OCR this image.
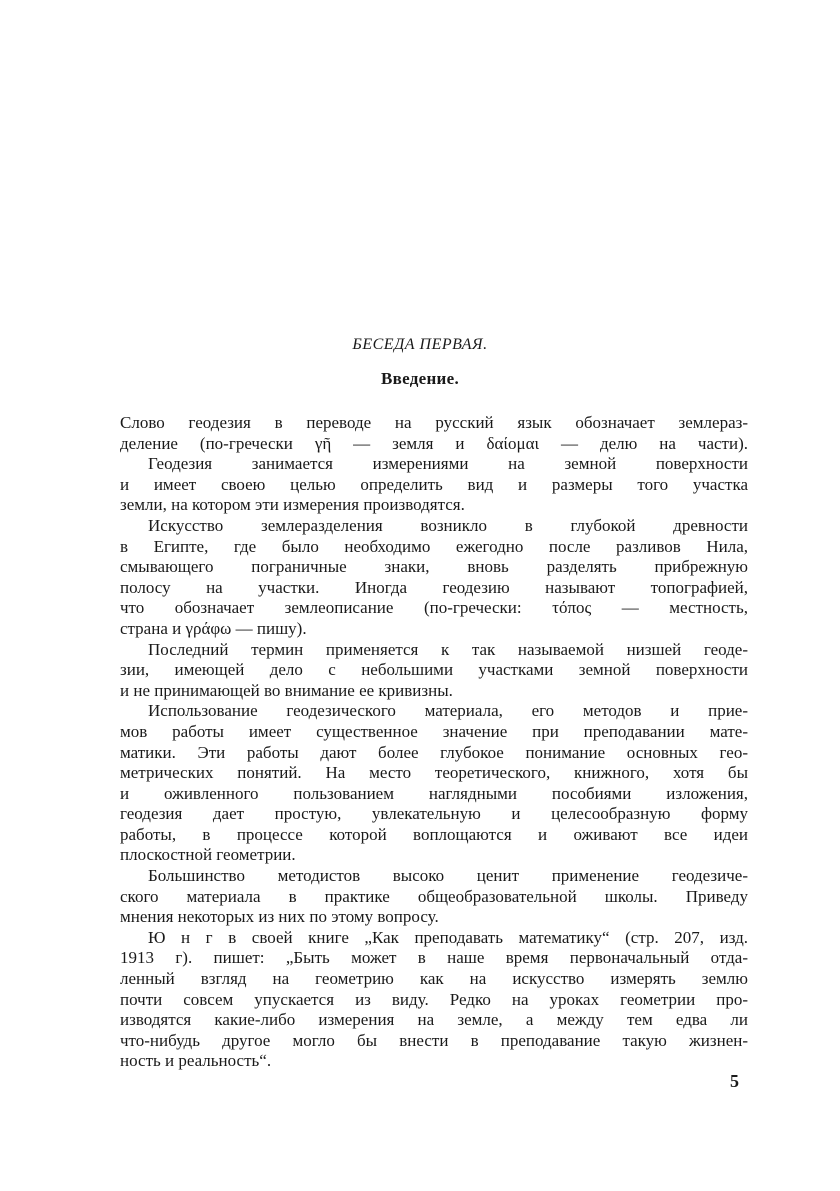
БЕСЕДА ПЕРВАЯ.
Введение.
Слово геодезия в переводе на русский язык обозначает землераз-
деление (по-гречески γῆ — земля и δαίομαι — делю на части).
Геодезия занимается измерениями на земной поверхности
и имеет своею целью определить вид и размеры того участка
земли, на котором эти измерения производятся.
Искусство землеразделения возникло в глубокой древности
в Египте, где было необходимо ежегодно после разливов Нила,
смывающего пограничные знаки, вновь разделять прибрежную
полосу на участки. Иногда геодезию называют топографией,
что обозначает землеописание (по-гречески: τόπος — местность,
страна и γράφω — пишу).
Последний термин применяется к так называемой низшей геоде-
зии, имеющей дело с небольшими участками земной поверхности
и не принимающей во внимание ее кривизны.
Использование геодезического материала, его методов и прие-
мов работы имеет существенное значение при преподавании мате-
матики. Эти работы дают более глубокое понимание основных гео-
метрических понятий. На место теоретического, книжного, хотя бы
и оживленного пользованием наглядными пособиями изложения,
геодезия дает простую, увлекательную и целесообразную форму
работы, в процессе которой воплощаются и оживают все идеи
плоскостной геометрии.
Большинство методистов высоко ценит применение геодезиче-
ского материала в практике общеобразовательной школы. Приведу
мнения некоторых из них по этому вопросу.
Ю н г в своей книге „Как преподавать математику“ (стр. 207, изд.
1913 г). пишет: „Быть может в наше время первоначальный отда-
ленный взгляд на геометрию как на искусство измерять землю
почти совсем упускается из виду. Редко на уроках геометрии про-
изводятся какие-либо измерения на земле, а между тем едва ли
что-нибудь другое могло бы внести в преподавание такую жизнен-
ность и реальность“.
5
